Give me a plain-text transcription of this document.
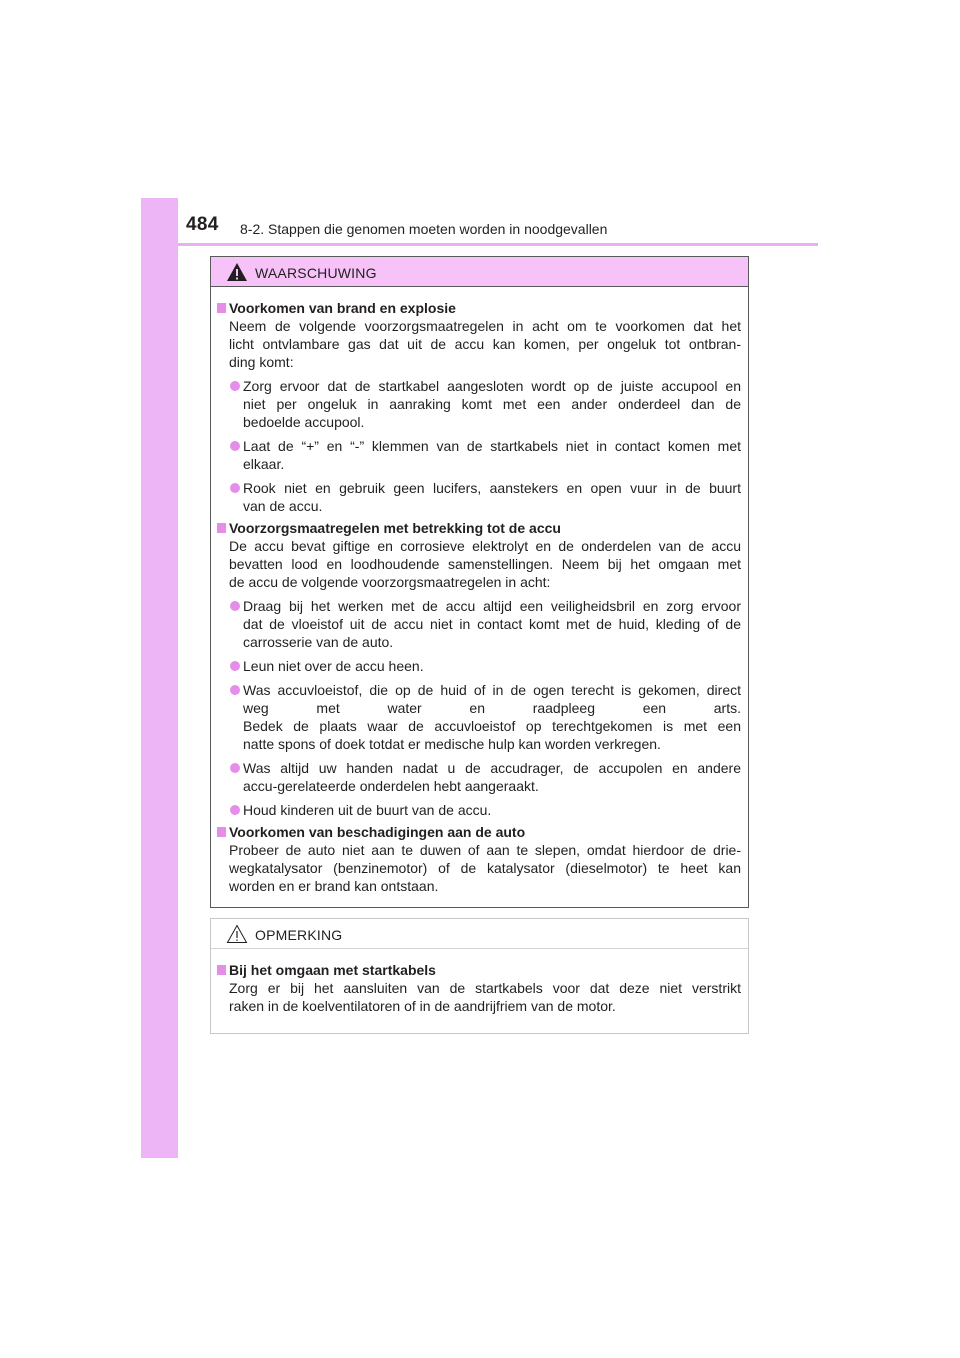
484 8-2. Stappen die genomen moeten worden in noodgevallen
WAARSCHUWING
Voorkomen van brand en explosie
Neem de volgende voorzorgsmaatregelen in acht om te voorkomen dat het
licht ontvlambare gas dat uit de accu kan komen, per ongeluk tot ontbran-
ding komt:
Zorg ervoor dat de startkabel aangesloten wordt op de juiste accupool en
niet per ongeluk in aanraking komt met een ander onderdeel dan de
bedoelde accupool.
Laat de “+” en “-” klemmen van de startkabels niet in contact komen met
elkaar.
Rook niet en gebruik geen lucifers, aanstekers en open vuur in de buurt
van de accu.
Voorzorgsmaatregelen met betrekking tot de accu
De accu bevat giftige en corrosieve elektrolyt en de onderdelen van de accu
bevatten lood en loodhoudende samenstellingen. Neem bij het omgaan met
de accu de volgende voorzorgsmaatregelen in acht:
Draag bij het werken met de accu altijd een veiligheidsbril en zorg ervoor
dat de vloeistof uit de accu niet in contact komt met de huid, kleding of de
carrosserie van de auto.
Leun niet over de accu heen.
Was accuvloeistof, die op de huid of in de ogen terecht is gekomen, direct
weg met water en raadpleeg een arts.
Bedek de plaats waar de accuvloeistof op terechtgekomen is met een
natte spons of doek totdat er medische hulp kan worden verkregen.
Was altijd uw handen nadat u de accudrager, de accupolen en andere
accu-gerelateerde onderdelen hebt aangeraakt.
Houd kinderen uit de buurt van de accu.
Voorkomen van beschadigingen aan de auto
Probeer de auto niet aan te duwen of aan te slepen, omdat hierdoor de drie-
wegkatalysator (benzinemotor) of de katalysator (dieselmotor) te heet kan
worden en er brand kan ontstaan.
OPMERKING
Bij het omgaan met startkabels
Zorg er bij het aansluiten van de startkabels voor dat deze niet verstrikt
raken in de koelventilatoren of in de aandrijfriem van de motor.
